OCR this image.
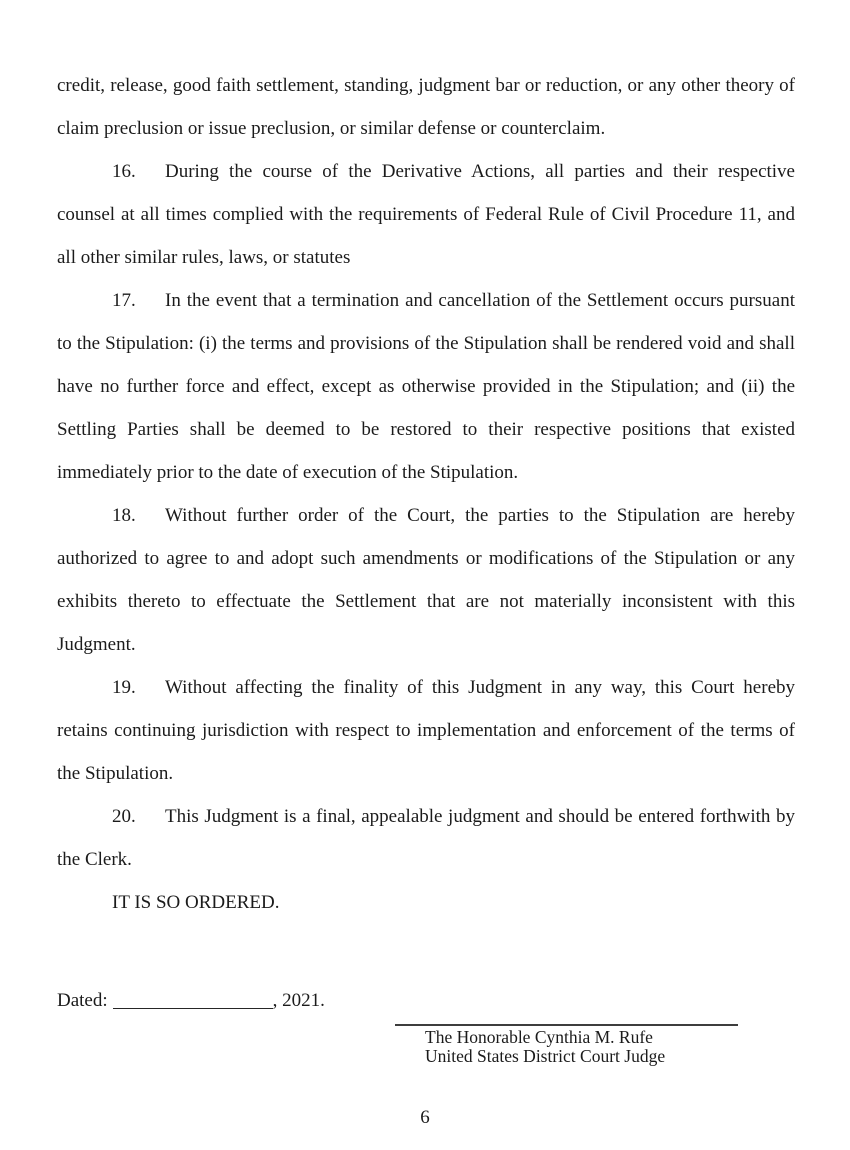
credit, release, good faith settlement, standing, judgment bar or reduction, or any other theory of claim preclusion or issue preclusion, or similar defense or counterclaim.

16. During the course of the Derivative Actions, all parties and their respective counsel at all times complied with the requirements of Federal Rule of Civil Procedure 11, and all other similar rules, laws, or statutes

17. In the event that a termination and cancellation of the Settlement occurs pursuant to the Stipulation: (i) the terms and provisions of the Stipulation shall be rendered void and shall have no further force and effect, except as otherwise provided in the Stipulation; and (ii) the Settling Parties shall be deemed to be restored to their respective positions that existed immediately prior to the date of execution of the Stipulation.

18. Without further order of the Court, the parties to the Stipulation are hereby authorized to agree to and adopt such amendments or modifications of the Stipulation or any exhibits thereto to effectuate the Settlement that are not materially inconsistent with this Judgment.

19. Without affecting the finality of this Judgment in any way, this Court hereby retains continuing jurisdiction with respect to implementation and enforcement of the terms of the Stipulation.

20. This Judgment is a final, appealable judgment and should be entered forthwith by the Clerk.

IT IS SO ORDERED.

Dated:	, 2021.

The Honorable Cynthia M. Rufe
United States District Court Judge
6
